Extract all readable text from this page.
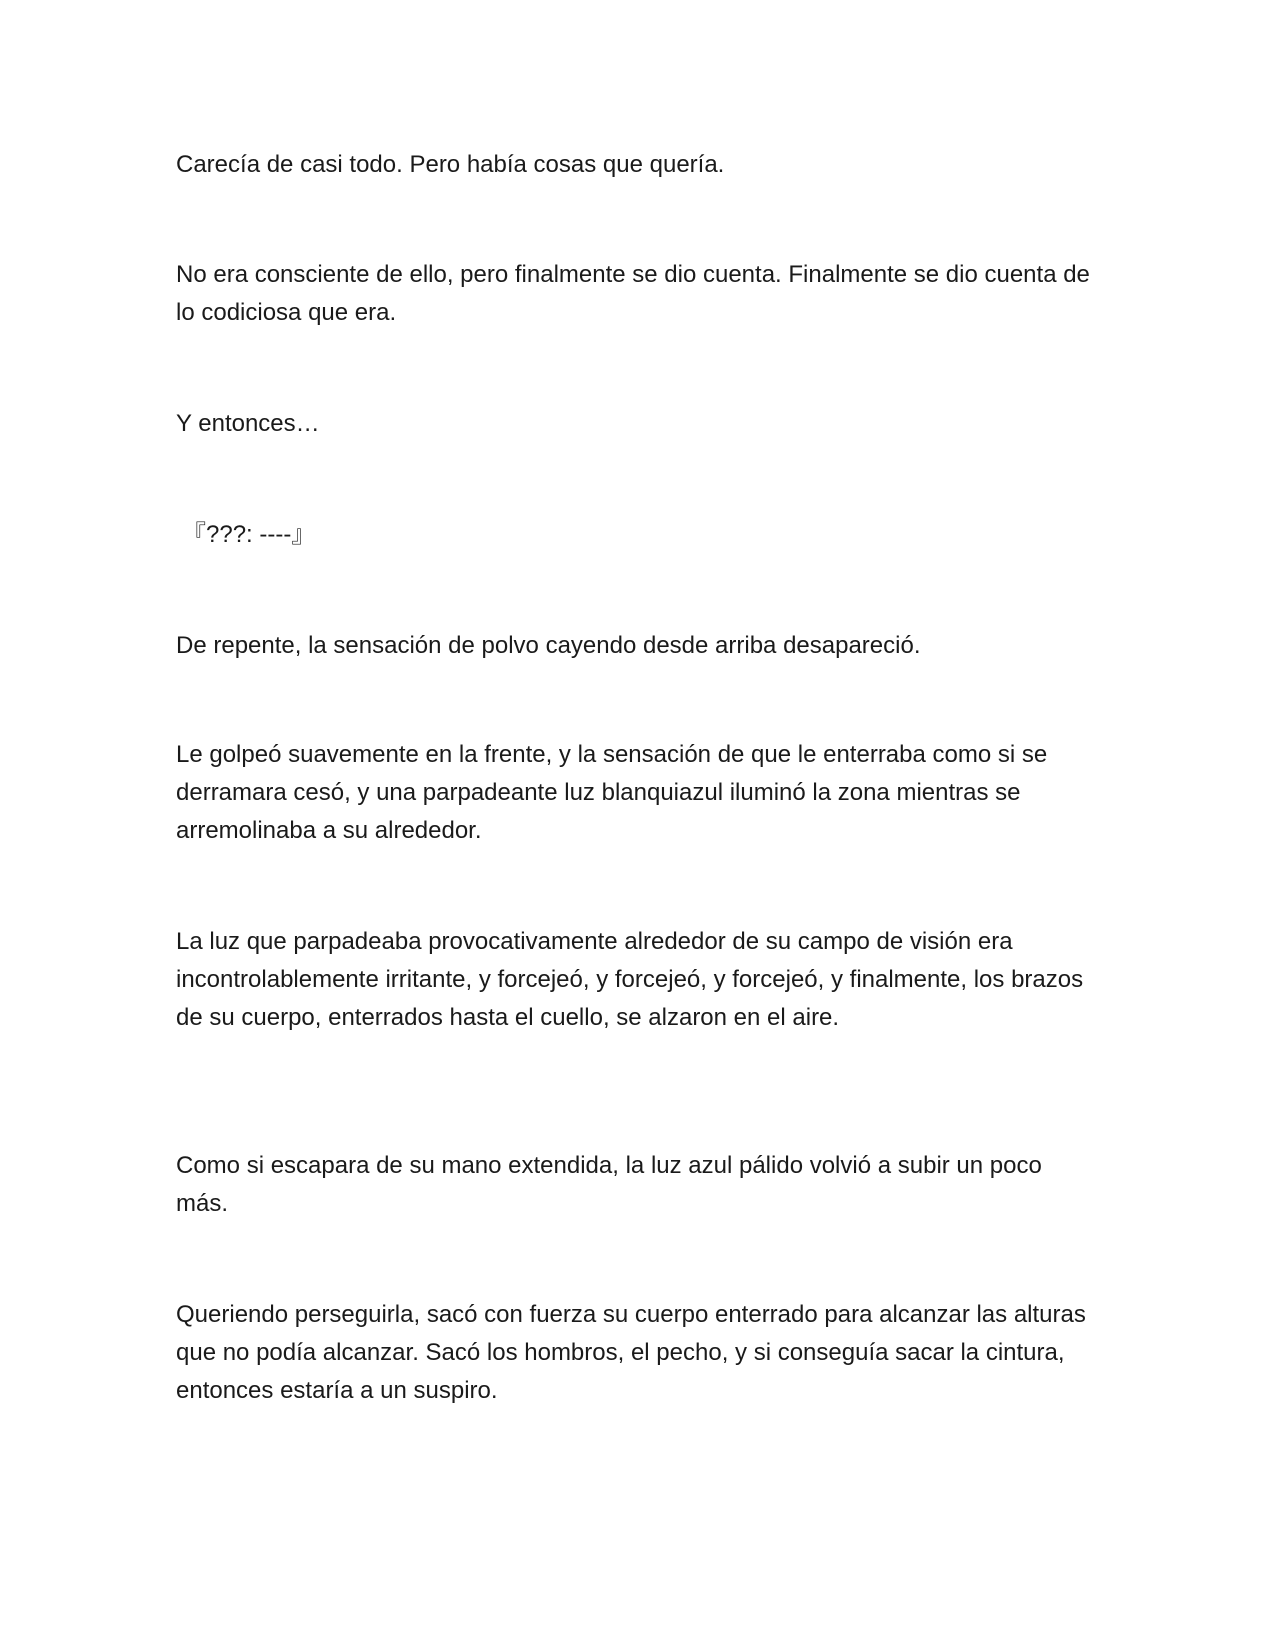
Carecía de casi todo. Pero había cosas que quería.

No era consciente de ello, pero finalmente se dio cuenta. Finalmente se dio cuenta de lo codiciosa que era.

Y entonces…

『???: ----』

De repente, la sensación de polvo cayendo desde arriba desapareció.

Le golpeó suavemente en la frente, y la sensación de que le enterraba como si se derramara cesó, y una parpadeante luz blanquiazul iluminó la zona mientras se arremolinaba a su alrededor.

La luz que parpadeaba provocativamente alrededor de su campo de visión era incontrolablemente irritante, y forcejeó, y forcejeó, y forcejeó, y finalmente, los brazos de su cuerpo, enterrados hasta el cuello, se alzaron en el aire.

Como si escapara de su mano extendida, la luz azul pálido volvió a subir un poco más.

Queriendo perseguirla, sacó con fuerza su cuerpo enterrado para alcanzar las alturas que no podía alcanzar. Sacó los hombros, el pecho, y si conseguía sacar la cintura, entonces estaría a un suspiro.
